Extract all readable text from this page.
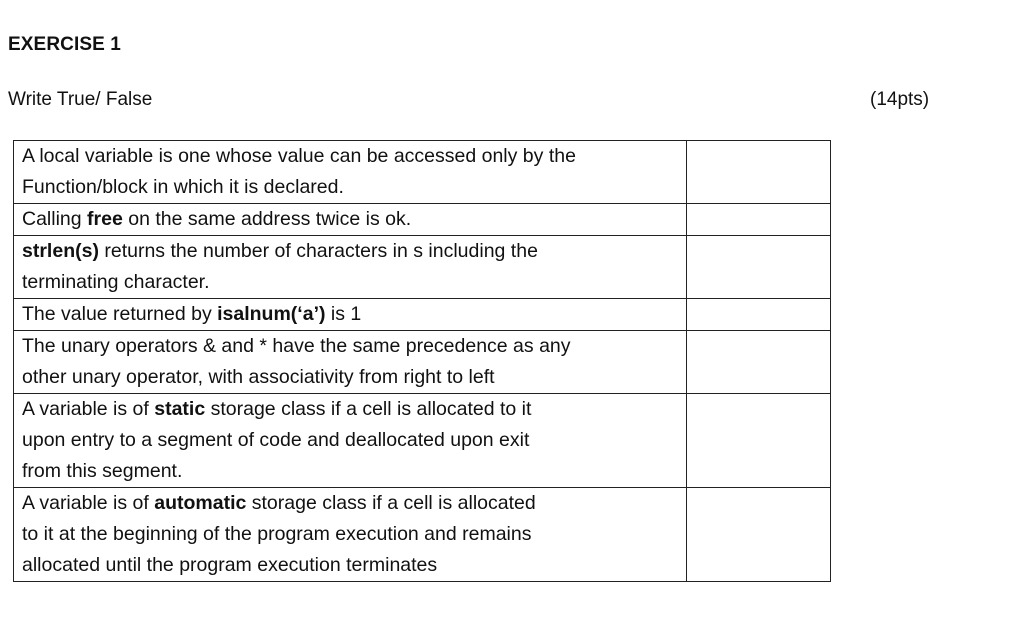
EXERCISE 1
Write True/ False	(14pts)
A local variable is one whose value can be accessed only by the
Function/block in which it is declared.	

Calling free on the same address twice is ok.	

strlen(s) returns the number of characters in s including the
terminating character.	

The value returned by isalnum(‘a’) is 1	

The unary operators & and * have the same precedence as any
other unary operator, with associativity from right to left	

A variable is of static storage class if a cell is allocated to it
upon entry to a segment of code and deallocated upon exit
from this segment.	

A variable is of automatic storage class if a cell is allocated
to it at the beginning of the program execution and remains
allocated until the program execution terminates	
